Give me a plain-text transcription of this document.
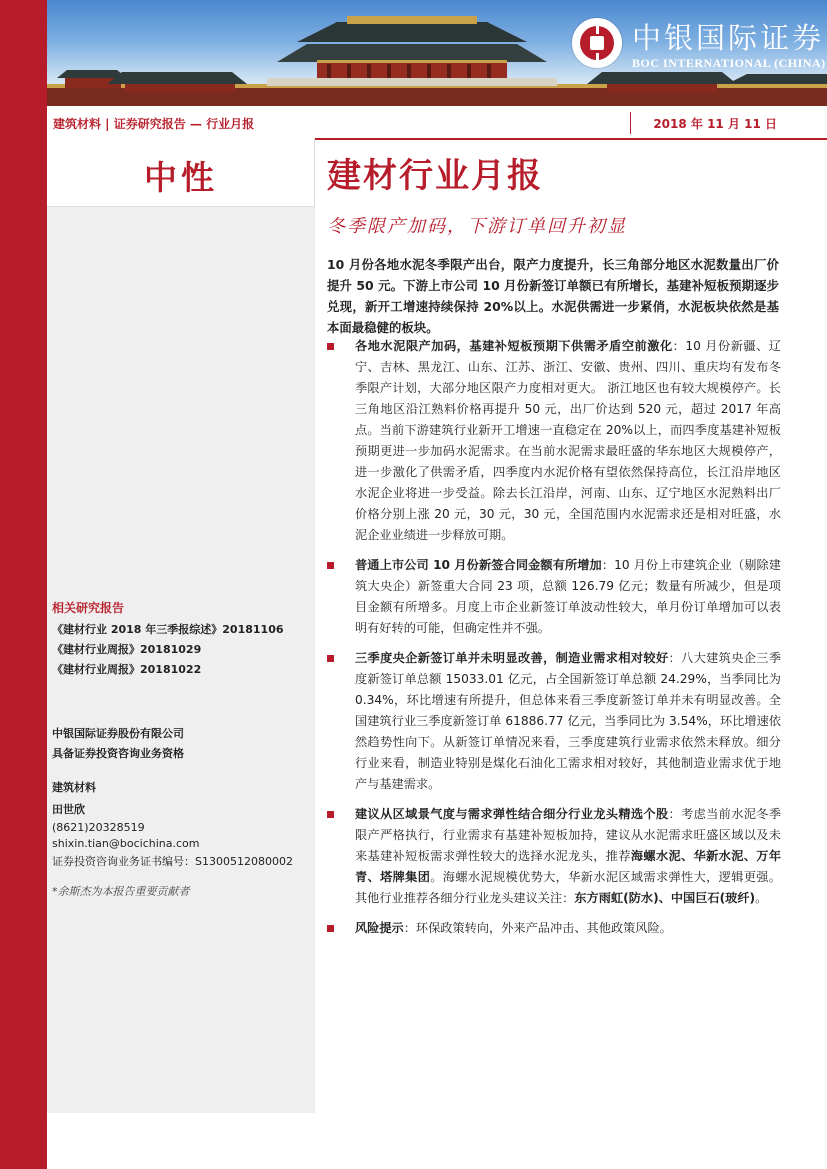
中银国际证券
BOC INTERNATIONAL (CHINA)
建筑材料 | 证券研究报告 — 行业月报	2018 年 11 月 11 日
中性
相关研究报告
《建材行业 2018 年三季报综述》20181106
《建材行业周报》20181029
《建材行业周报》20181022
中银国际证券股份有限公司
具备证券投资咨询业务资格
建筑材料
田世欣
(8621)20328519
shixin.tian@bocichina.com
证券投资咨询业务证书编号：S1300512080002
*余斯杰为本报告重要贡献者
建材行业月报
冬季限产加码，下游订单回升初显
10 月份各地水泥冬季限产出台，限产力度提升，长三角部分地区水泥数量出厂价提升 50 元。下游上市公司 10 月份新签订单额已有所增长，基建补短板预期逐步兑现，新开工增速持续保持 20%以上。水泥供需进一步紧俏，水泥板块依然是基本面最稳健的板块。
各地水泥限产加码，基建补短板预期下供需矛盾空前激化：10 月份新疆、辽宁、吉林、黑龙江、山东、江苏、浙江、安徽、贵州、四川、重庆均有发布冬季限产计划，大部分地区限产力度相对更大。 浙江地区也有较大规模停产。长三角地区沿江熟料价格再提升 50 元，出厂价达到 520 元，超过 2017 年高点。当前下游建筑行业新开工增速一直稳定在 20%以上，而四季度基建补短板预期更进一步加码水泥需求。在当前水泥需求最旺盛的华东地区大规模停产，进一步激化了供需矛盾，四季度内水泥价格有望依然保持高位，长江沿岸地区水泥企业将进一步受益。除去长江沿岸，河南、山东、辽宁地区水泥熟料出厂价格分别上涨 20 元，30 元，30 元，全国范围内水泥需求还是相对旺盛，水泥企业业绩进一步释放可期。
普通上市公司 10 月份新签合同金额有所增加：10 月份上市建筑企业（剔除建筑大央企）新签重大合同 23 项，总额 126.79 亿元；数量有所减少，但是项目金额有所增多。月度上市企业新签订单波动性较大，单月份订单增加可以表明有好转的可能，但确定性并不强。
三季度央企新签订单并未明显改善，制造业需求相对较好：八大建筑央企三季度新签订单总额 15033.01 亿元，占全国新签订单总额 24.29%，当季同比为 0.34%，环比增速有所提升，但总体来看三季度新签订单并未有明显改善。全国建筑行业三季度新签订单 61886.77 亿元，当季同比为 3.54%，环比增速依然趋势性向下。从新签订单情况来看，三季度建筑行业需求依然未释放。细分行业来看，制造业特别是煤化石油化工需求相对较好，其他制造业需求优于地产与基建需求。
建议从区域景气度与需求弹性结合细分行业龙头精选个股：考虑当前水泥冬季限产严格执行，行业需求有基建补短板加持，建议从水泥需求旺盛区域以及未来基建补短板需求弹性较大的选择水泥龙头，推荐海螺水泥、华新水泥、万年青、塔牌集团。海螺水泥规模优势大，华新水泥区域需求弹性大，逻辑更强。其他行业推荐各细分行业龙头建议关注：东方雨虹(防水)、中国巨石(玻纤)。
风险提示：环保政策转向，外来产品冲击、其他政策风险。
